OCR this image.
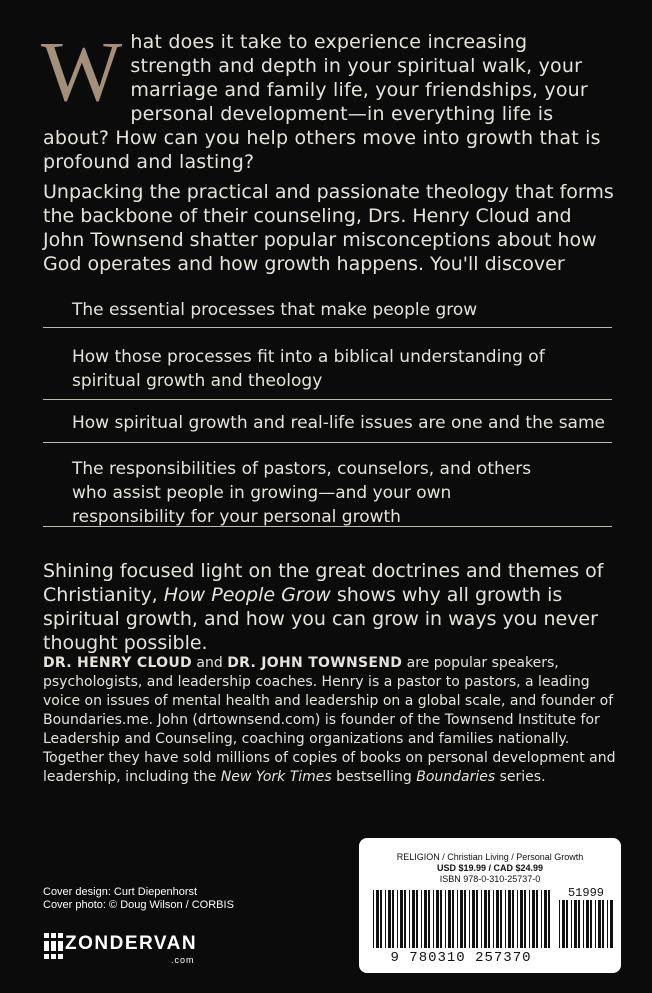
What does it take to experience increasing strength and depth in your spiritual walk, your marriage and family life, your friendships, your personal development—in everything life is about? How can you help others move into growth that is profound and lasting?
Unpacking the practical and passionate theology that forms the backbone of their counseling, Drs. Henry Cloud and John Townsend shatter popular misconceptions about how God operates and how growth happens. You'll discover
The essential processes that make people grow
How those processes fit into a biblical understanding of spiritual growth and theology
How spiritual growth and real-life issues are one and the same
The responsibilities of pastors, counselors, and others who assist people in growing—and your own responsibility for your personal growth
Shining focused light on the great doctrines and themes of Christianity, How People Grow shows why all growth is spiritual growth, and how you can grow in ways you never thought possible.
DR. HENRY CLOUD and DR. JOHN TOWNSEND are popular speakers, psychologists, and leadership coaches. Henry is a pastor to pastors, a leading voice on issues of mental health and leadership on a global scale, and founder of Boundaries.me. John (drtownsend.com) is founder of the Townsend Institute for Leadership and Counseling, coaching organizations and families nationally. Together they have sold millions of copies of books on personal development and leadership, including the New York Times bestselling Boundaries series.
Cover design: Curt Diepenhorst
Cover photo: © Doug Wilson / CORBIS
ZONDERVAN
.com
RELIGION / Christian Living / Personal Growth
USD $19.99 / CAD $24.99
ISBN 978-0-310-25737-0
51999
9 780310 257370
